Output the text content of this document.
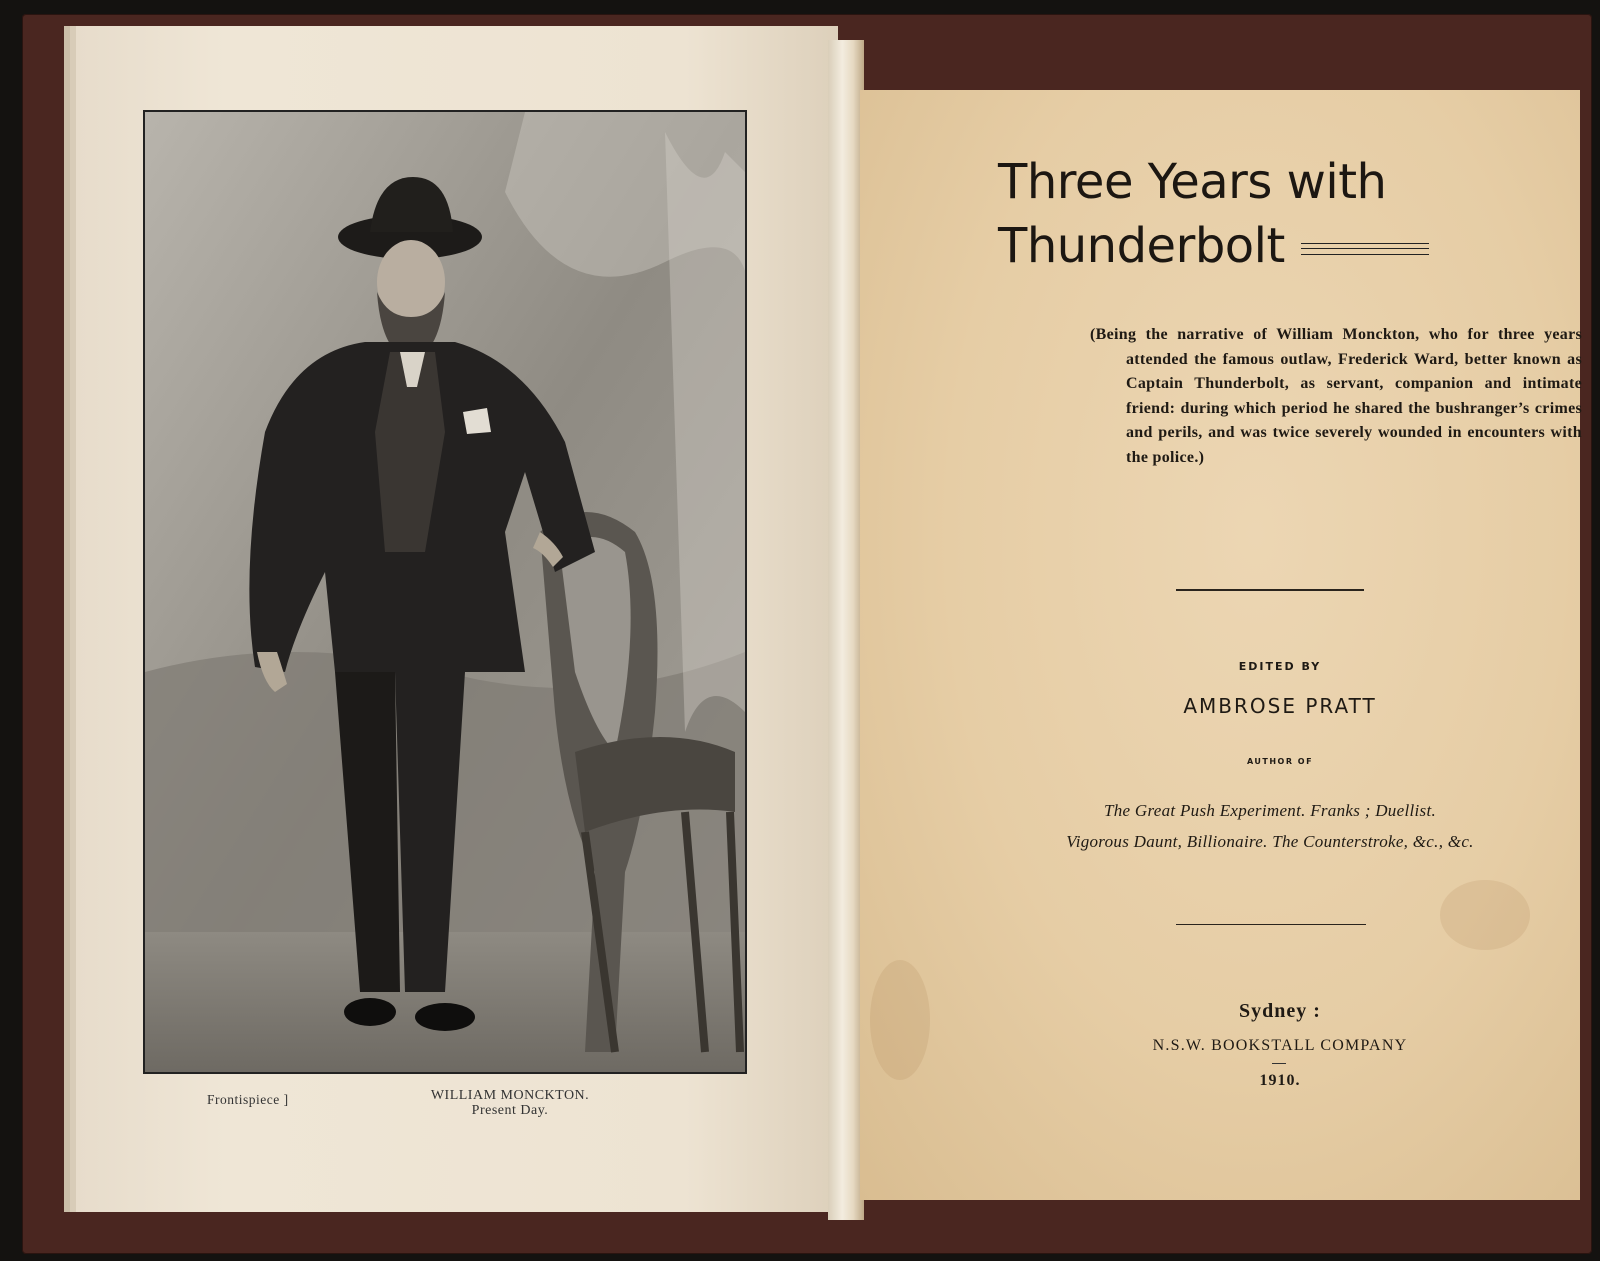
Frontispiece ]	WILLIAM MONCKTON.
Present Day.
Three Years with
Thunderbolt
(Being the narrative of William Monckton, who for three years attended the famous outlaw, Frederick Ward, better known as Captain Thunderbolt, as servant, companion and intimate friend: during which period he shared the bushranger’s crimes and perils, and was twice severely wounded in encounters with the police.)
EDITED BY
AMBROSE PRATT
AUTHOR OF
The Great Push Experiment. Franks ; Duellist.
Vigorous Daunt, Billionaire. The Counterstroke, &c., &c.
Sydney :
N.S.W. BOOKSTALL COMPANY
1910.
